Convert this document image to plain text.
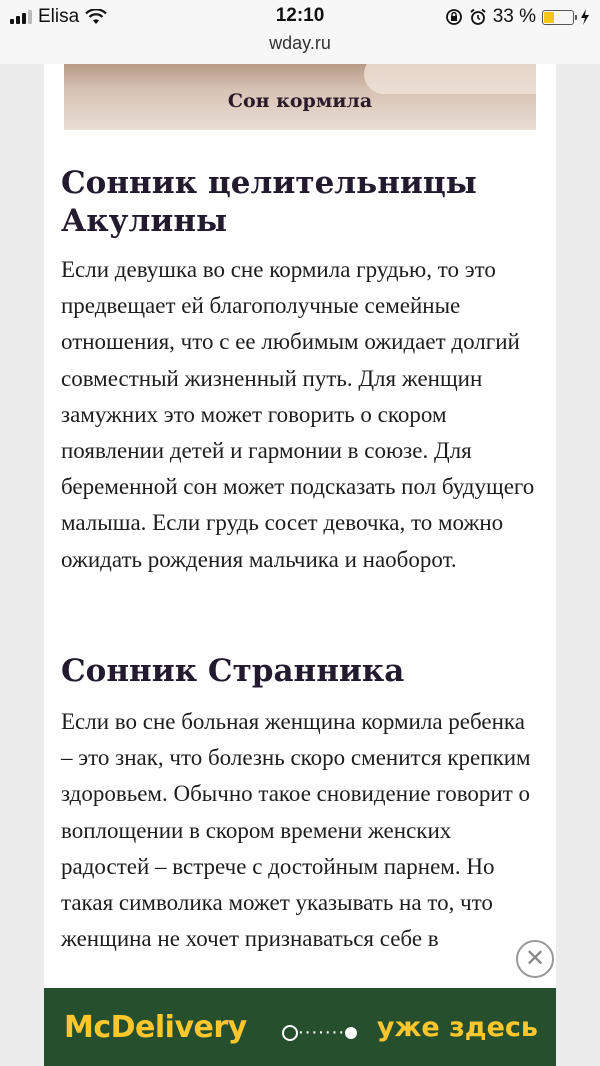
Elisa	12:10
wday.ru
33 %
Сон кормила
Сонник целительницы Акулины

Если девушка во сне кормила грудью, то это предвещает ей благополучные семейные отношения, что с ее любимым ожидает долгий совместный жизненный путь. Для женщин замужних это может говорить о скором появлении детей и гармонии в союзе. Для беременной сон может подсказать пол будущего малыша. Если грудь сосет девочка, то можно ожидать рождения мальчика и наоборот.

Сонник Странника

Если во сне больная женщина кормила ребенка – это знак, что болезнь скоро сменится крепким здоровьем. Обычно такое сновидение говорит о воплощении в скором времени женских радостей – встрече с достойным парнем. Но такая символика может указывать на то, что женщина не хочет признаваться себе в

✕
McDelivery	·······	уже здесь
